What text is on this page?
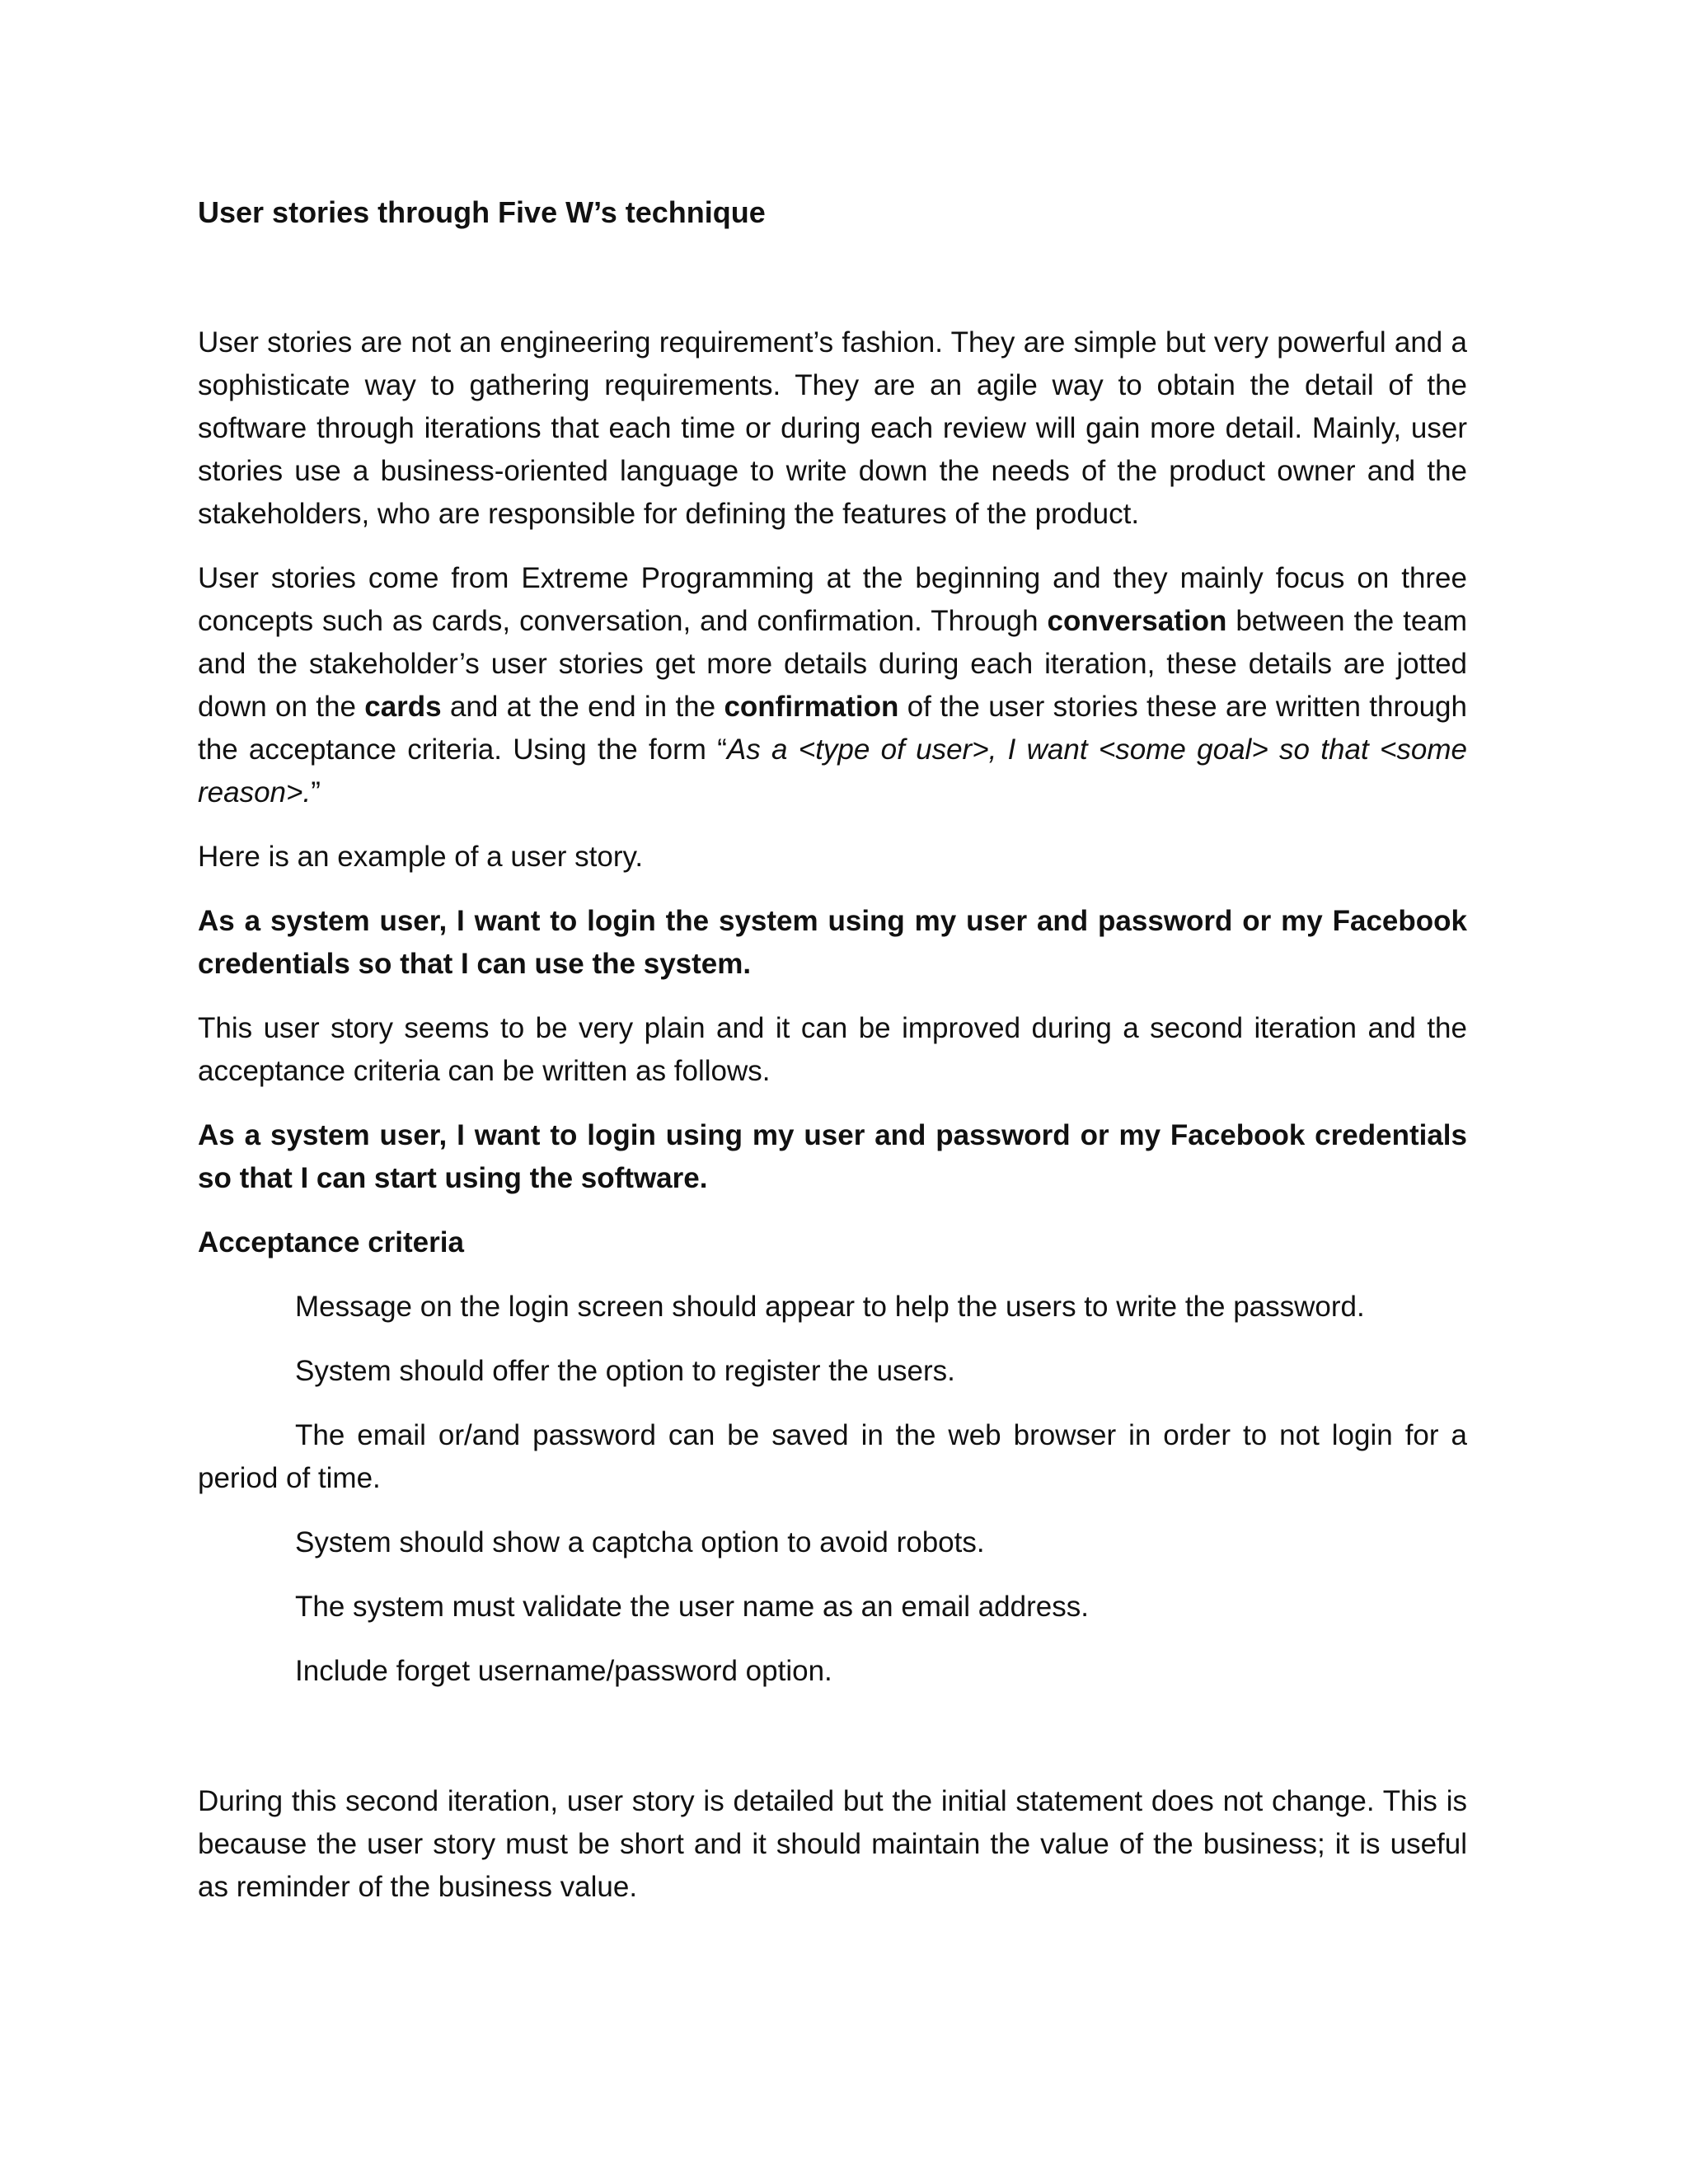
User stories through Five W’s technique

User stories are not an engineering requirement’s fashion. They are simple but very powerful and a sophisticate way to gathering requirements. They are an agile way to obtain the detail of the software through iterations that each time or during each review will gain more detail. Mainly, user stories use a business-oriented language to write down the needs of the product owner and the stakeholders, who are responsible for defining the features of the product.

User stories come from Extreme Programming at the beginning and they mainly focus on three concepts such as cards, conversation, and confirmation. Through conversation between the team and the stakeholder’s user stories get more details during each iteration, these details are jotted down on the cards and at the end in the confirmation of the user stories these are written through the acceptance criteria. Using the form “As a <type of user>, I want <some goal> so that <some reason>.”

Here is an example of a user story.

As a system user, I want to login the system using my user and password or my Facebook credentials so that I can use the system.

This user story seems to be very plain and it can be improved during a second iteration and the acceptance criteria can be written as follows.

As a system user, I want to login using my user and password or my Facebook credentials so that I can start using the software.

Acceptance criteria
Message on the login screen should appear to help the users to write the password.
System should offer the option to register the users.
The email or/and password can be saved in the web browser in order to not login for a period of time.
System should show a captcha option to avoid robots.
The system must validate the user name as an email address.
Include forget username/password option.

During this second iteration, user story is detailed but the initial statement does not change. This is because the user story must be short and it should maintain the value of the business; it is useful as reminder of the business value.
